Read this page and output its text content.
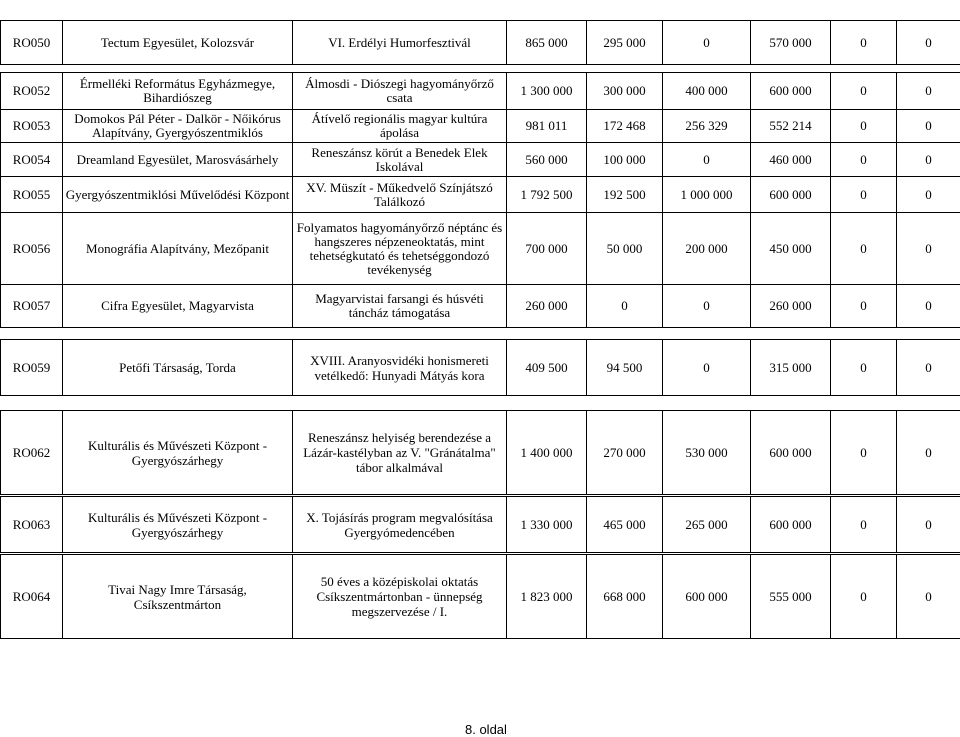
RO050	Tectum Egyesület, Kolozsvár	VI. Erdélyi Humorfesztivál	865 000	295 000	0	570 000	0	0
RO052	Érmelléki Református Egyházmegye, Bihardiószeg	Álmosdi - Diószegi hagyományőrző csata	1 300 000	300 000	400 000	600 000	0	0
RO053	Domokos Pál Péter - Dalkör - Nőikórus Alapítvány, Gyergyószentmiklós	Átívelő regionális magyar kultúra ápolása	981 011	172 468	256 329	552 214	0	0
RO054	Dreamland Egyesület, Marosvásárhely	Reneszánsz körút a Benedek Elek Iskolával	560 000	100 000	0	460 000	0	0
RO055	Gyergyószentmiklósi Művelődési Központ	XV. Müszít - Műkedvelő Színjátszó Találkozó	1 792 500	192 500	1 000 000	600 000	0	0
RO056	Monográfia Alapítvány, Mezőpanit	Folyamatos hagyományőrző néptánc és hangszeres népzeneoktatás, mint tehetségkutató és tehetséggondozó tevékenység	700 000	50 000	200 000	450 000	0	0
RO057	Cifra Egyesület, Magyarvista	Magyarvistai farsangi és húsvéti táncház támogatása	260 000	0	0	260 000	0	0
RO059	Petőfi Társaság, Torda	XVIII. Aranyosvidéki honismereti vetélkedő: Hunyadi Mátyás kora	409 500	94 500	0	315 000	0	0
RO062	Kulturális és Művészeti Központ - Gyergyószárhegy	Reneszánsz helyiség berendezése a Lázár-kastélyban az V. "Gránátalma" tábor alkalmával	1 400 000	270 000	530 000	600 000	0	0
RO063	Kulturális és Művészeti Központ - Gyergyószárhegy	X. Tojásírás program megvalósítása Gyergyómedencében	1 330 000	465 000	265 000	600 000	0	0
RO064	Tivai Nagy Imre Társaság, Csíkszentmárton	50 éves a középiskolai oktatás Csíkszentmártonban - ünnepség megszervezése / I.	1 823 000	668 000	600 000	555 000	0	0
8. oldal
